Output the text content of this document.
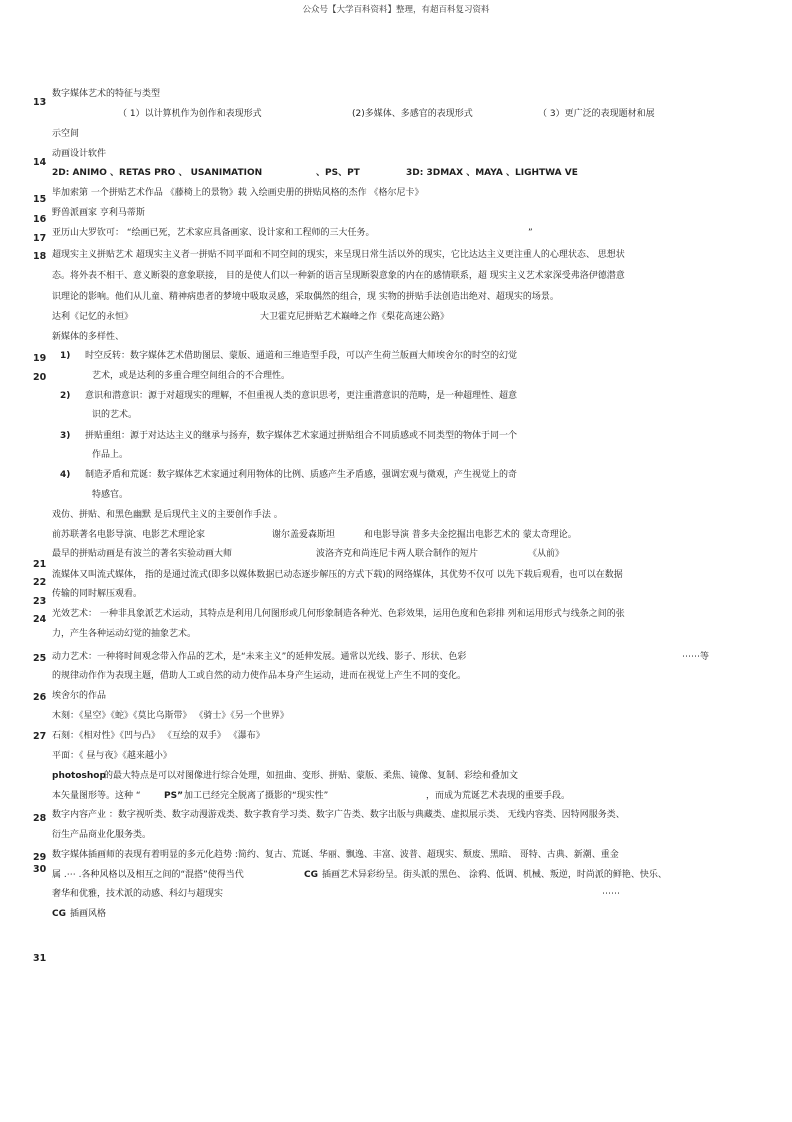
公众号【大学百科资料】整理，有超百科复习资料
13
14
15
16
17
18
19
20
21
22
23
24
25
26
27
28
29
30
31
数字媒体艺术的特征与类型
（ 1）以计算机作为创作和表现形式	(2)多媒体、多感官的表现形式	（ 3）更广泛的表现题材和展
示空间
动画设计软件
2D: ANIMO 、RETAS PRO 、 USANIMATION	、PS、PT	3D: 3DMAX 、MAYA 、LIGHTWA VE
毕加索第 一个拼贴艺术作品 《藤椅上的景物》载 入绘画史册的拼贴风格的杰作 《格尔尼卡》
野兽派画家 亨利马蒂斯
亚历山大罗钦可： “绘画已死，艺术家应具备画家、设计家和工程师的三大任务。	”
超现实主义拼贴艺术 超现实主义者一拼贴不同平面和不同空间的现实，来呈现日常生活以外的现实，它比达达主义更注重人的心理状态、 思想状
态。将外表不相干、意义断裂的意象联接， 目的是使人们以一种新的语言呈现断裂意象的内在的感情联系，超 现实主义艺术家深受弗洛伊德潜意
识理论的影响。他们从儿童、精神病患者的梦境中吸取灵感，采取偶然的组合，现 实物的拼贴手法创造出绝对、超现实的场景。
达利《记忆的永恒》	大卫霍克尼拼贴艺术巅峰之作《梨花高速公路》
新媒体的多样性、
1) 时空反转：数字媒体艺术借助图层、蒙版、通道和三维造型手段，可以产生荷兰版画大师埃舍尔的时空的幻觉
艺术，或是达利的多重合理空间组合的不合理性。
2) 意识和潜意识：源于对超现实的理解，不但重视人类的意识思考，更注重潜意识的范畴，是一种超理性、超意
识的艺术。
3) 拼贴重组：源于对达达主义的继承与扬弃，数字媒体艺术家通过拼贴组合不同质感或不同类型的物体于同一个
作品上。
4) 制造矛盾和荒诞：数字媒体艺术家通过利用物体的比例、质感产生矛盾感，强调宏观与微观，产生视觉上的奇
特感官。
戏仿、拼贴、和黑色幽默 是后现代主义的主要创作手法 。
前苏联著名电影导演、电影艺术理论家	谢尔盖爱森斯坦	和电影导演 普多夫金挖掘出电影艺术的 蒙太奇理论。
最早的拼贴动画是有波兰的著名实验动画大师	波洛齐克和尚连尼卡两人联合制作的短片	《从前》
流媒体又叫流式媒体， 指的是通过流式(即多以媒体数据已动态逐步解压的方式下载)的网络媒体，其优势不仅可 以先下载后观看，也可以在数据
传输的同时解压观看。
光效艺术： 一种非具象派艺术运动，其特点是利用几何图形或几何形象制造各种光、色彩效果，运用色度和色彩排 列和运用形式与线条之间的张
力，产生各种运动幻觉的抽象艺术。
动力艺术：一种将时间观念带入作品的艺术，是“未来主义”的延伸发展。通常以光线、影子、形状、色彩	⋯⋯等
的规律动作作为表现主题，借助人工或自然的动力使作品本身产生运动，进而在视觉上产生不同的变化。
埃舍尔的作品
木刻：《星空》《蛇》《莫比乌斯带》 《骑士》《另一个世界》
石刻：《相对性》《凹与凸》 《互绘的双手》 《瀑布》
平面：《 昼与夜》《越来越小》
photoshop
的最大特点是可以对图像进行综合处理，如扭曲、变形、拼贴、蒙版、柔焦、镜像、复制、彩绘和叠加文
本矢量图形等。这种 “	PS” 加工已经完全脱离了摄影的“现实性”	，而成为荒诞艺术表现的重要手段。
数字内容产业 ：数字视听类、数字动漫游戏类、数字教育学习类、数字广告类、数字出版与典藏类、虚拟展示类、 无线内容类、因特网服务类、
衍生产品商业化服务类。
数字媒体插画师的表现有着明显的多元化趋势 :简约、复古、荒诞、华丽、飘逸、丰富、波普、超现实、颓废、黑暗、 哥特、古典、新潮、重金
属 .⋯ .各种风格以及相互之间的“混搭”使得当代	CG 插画艺术异彩纷呈。街头派的黑色、 涂鸦、低调、机械、叛逆，时尚派的鲜艳、快乐、
奢华和优雅，技术派的动感、科幻与超现实	⋯⋯
CG 插画风格
